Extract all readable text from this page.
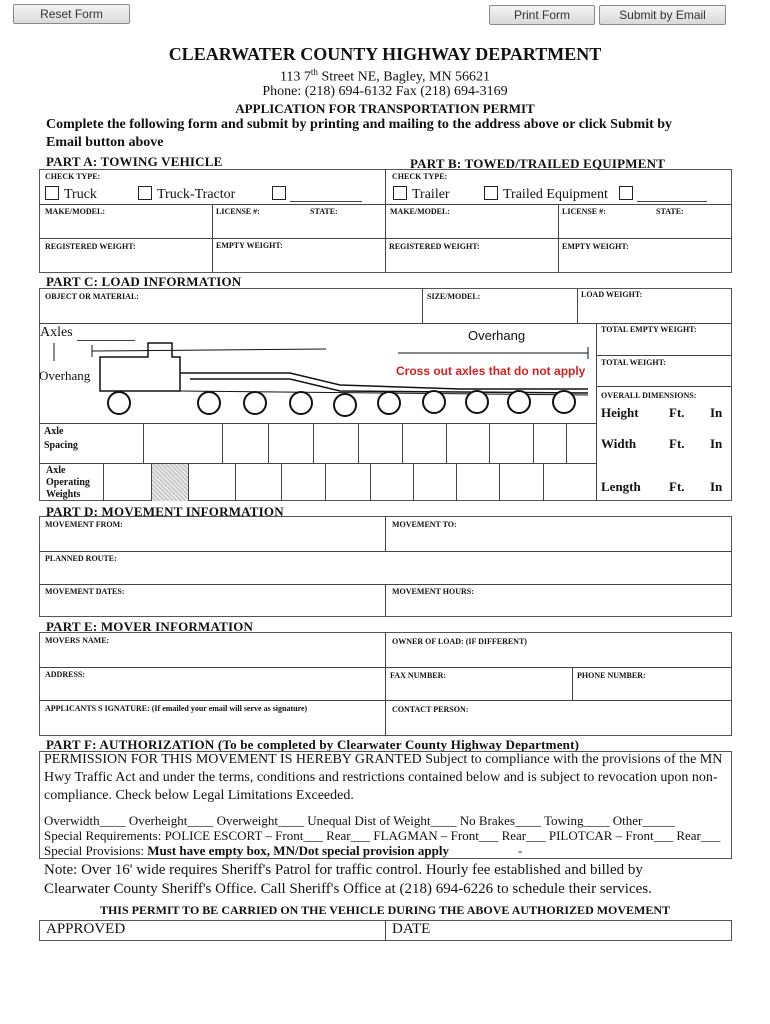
Reset Form	Print Form	Submit by Email
CLEARWATER COUNTY HIGHWAY DEPARTMENT
113 7th Street NE, Bagley, MN 56621
Phone: (218) 694-6132 Fax (218) 694-3169
APPLICATION FOR TRANSPORTATION PERMIT
Complete the following form and submit by printing and mailing to the address above or click Submit by
Email button above
PART A: TOWING VEHICLE	PART B: TOWED/TRAILED EQUIPMENT
CHECK TYPE:
Truck	Truck-Tractor
CHECK TYPE:
Trailer	Trailed Equipment
MAKE/MODEL:	LICENSE #:	STATE:	MAKE/MODEL:	LICENSE #:	STATE:
REGISTERED WEIGHT:	EMPTY WEIGHT:	REGISTERED WEIGHT:	EMPTY WEIGHT:
PART C: LOAD INFORMATION
OBJECT OR MATERIAL:	SIZE/MODEL:	LOAD WEIGHT:
TOTAL EMPTY WEIGHT:
TOTAL WEIGHT:
OVERALL DIMENSIONS:
Height Ft. In
Width	Ft. In
Length Ft. In
Axles
Overhang
Overhang
Cross out axles that do not apply
Axle
Spacing
Axle
Operating
Weights
PART D: MOVEMENT INFORMATION
MOVEMENT FROM:	MOVEMENT TO:
PLANNED ROUTE:
MOVEMENT DATES:	MOVEMENT HOURS:
PART E: MOVER INFORMATION
MOVERS NAME:	OWNER OF LOAD: (IF DIFFERENT)
ADDRESS:	FAX NUMBER:	PHONE NUMBER:
APPLICANTS S IGNATURE: (If emailed your email will serve as signature)	CONTACT PERSON:
PART F: AUTHORIZATION (To be completed by Clearwater County Highway Department)
PERMISSION FOR THIS MOVEMENT IS HEREBY GRANTED Subject to compliance with the provisions of the MN
Hwy Traffic Act and under the terms, conditions and restrictions contained below and is subject to revocation upon non-
compliance. Check below Legal Limitations Exceeded.
Overwidth____ Overheight____ Overweight____ Unequal Dist of Weight____ No Brakes____ Towing____ Other_____
Special Requirements: POLICE ESCORT – Front___ Rear___ FLAGMAN – Front___ Rear___ PILOTCAR – Front___ Rear___
Special Provisions: Must have empty box, MN/Dot special provision apply	-
Note: Over 16' wide requires Sheriff's Patrol for traffic control. Hourly fee established and billed by
Clearwater County Sheriff's Office. Call Sheriff's Office at (218) 694-6226 to schedule their services.
THIS PERMIT TO BE CARRIED ON THE VEHICLE DURING THE ABOVE AUTHORIZED MOVEMENT
APPROVED	DATE
